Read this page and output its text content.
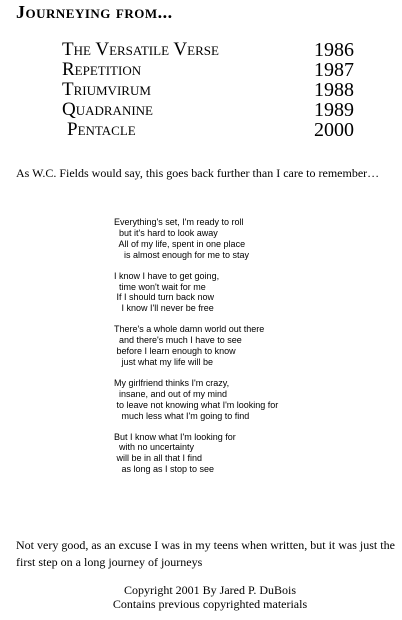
Journeying from...
The Versatile Verse	1986
Repetition	1987
Triumvirum	1988
Quadranine	1989
Pentacle	2000

As W.C. Fields would say, this goes back further than I care to remember…

Everything's set, I'm ready to roll
but it's hard to look away
All of my life, spent in one place
is almost enough for me to stay
I know I have to get going,
time won't wait for me
If I should turn back now
I know I'll never be free
There's a whole damn world out there
and there's much I have to see
before I learn enough to know
just what my life will be
My girlfriend thinks I'm crazy,
insane, and out of my mind
to leave not knowing what I'm looking for
much less what I'm going to find
But I know what I'm looking for
with no uncertainty
will be in all that I find
as long as I stop to see

Not very good, as an excuse I was in my teens when written, but it was just the first step on a long journey of journeys

Copyright 2001 By Jared P. DuBois
Contains previous copyrighted materials
